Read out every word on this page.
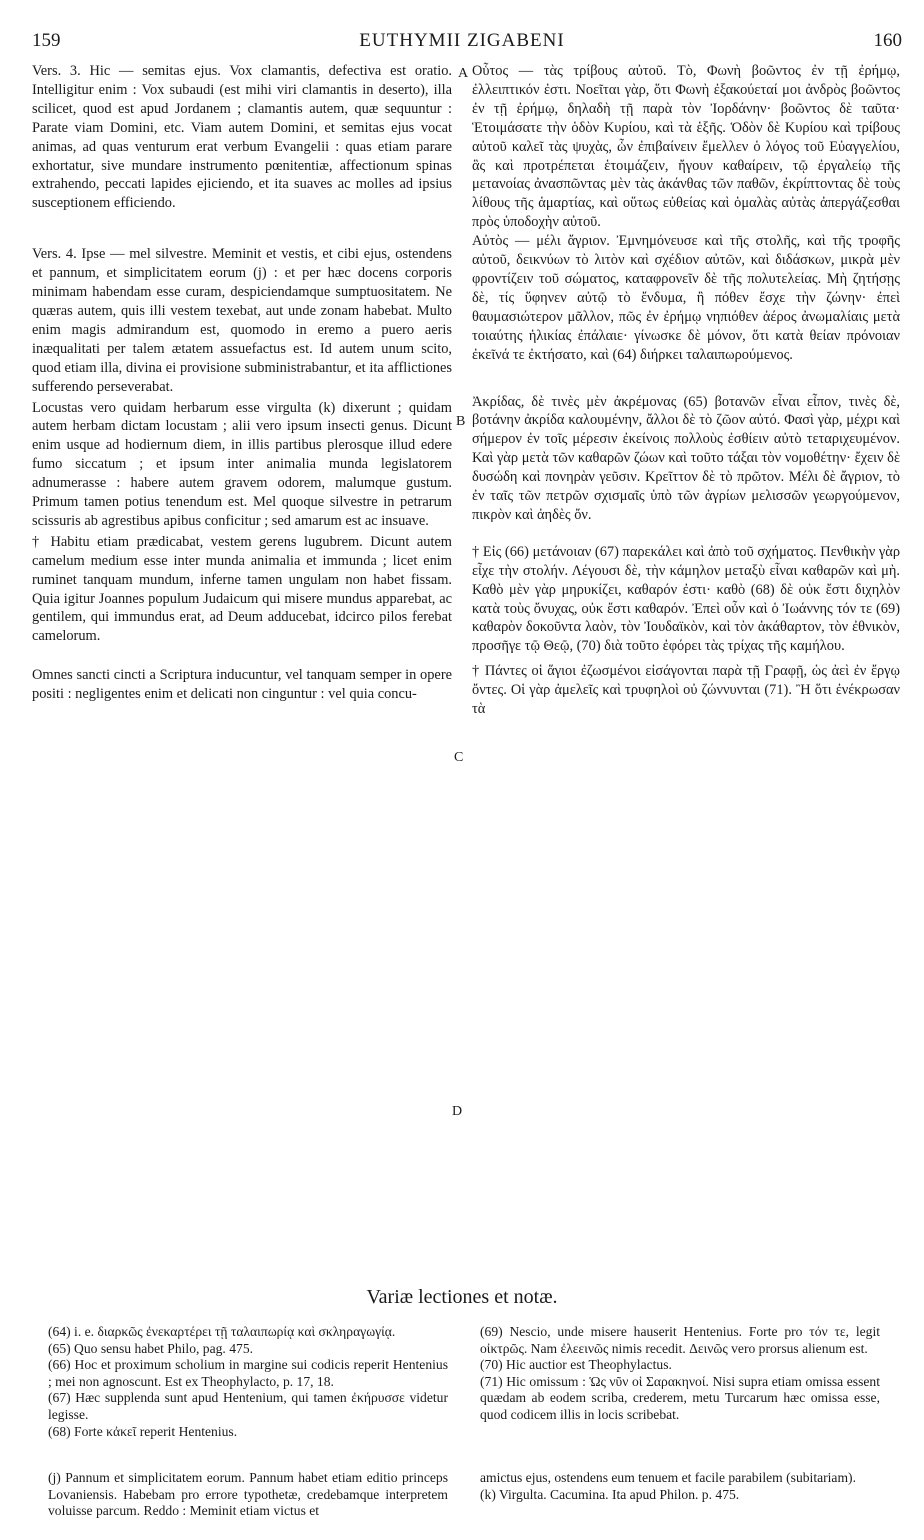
159	EUTHYMII ZIGABENI	160
A
B
C
D

Vers. 3. Hic — semitas ejus. Vox clamantis, defectiva est oratio. Intelligitur enim : Vox subaudi (est mihi viri clamantis in deserto), illa scilicet, quod est apud Jordanem ; clamantis autem, quæ sequuntur : Parate viam Domini, etc. Viam autem Domini, et semitas ejus vocat animas, ad quas venturum erat verbum Evangelii : quas etiam parare exhortatur, sive mundare instrumento pœnitentiæ, affectionum spinas extrahendo, peccati lapides ejiciendo, et ita suaves ac molles ad ipsius susceptionem efficiendo.

Vers. 4. Ipse — mel silvestre. Meminit et vestis, et cibi ejus, ostendens et pannum, et simplicitatem eorum (j) : et per hæc docens corporis minimam habendam esse curam, despiciendamque sumptuositatem. Ne quæras autem, quis illi vestem texebat, aut unde zonam habebat. Multo enim magis admirandum est, quomodo in eremo a puero aeris inæqualitati per talem ætatem assuefactus est. Id autem unum scito, quod etiam illa, divina ei provisione subministrabantur, et ita afflictiones sufferendo perseverabat.

Locustas vero quidam herbarum esse virgulta (k) dixerunt ; quidam autem herbam dictam locustam ; alii vero ipsum insecti genus. Dicunt enim usque ad hodiernum diem, in illis partibus plerosque illud edere fumo siccatum ; et ipsum inter animalia munda legislatorem adnumerasse : habere autem gravem odorem, malumque gustum. Primum tamen potius tenendum est. Mel quoque silvestre in petrarum scissuris ab agrestibus apibus conficitur ; sed amarum est ac insuave.

† Habitu etiam prædicabat, vestem gerens lugubrem. Dicunt autem camelum medium esse inter munda animalia et immunda ; licet enim ruminet tanquam mundum, inferne tamen ungulam non habet fissam. Quia igitur Joannes populum Judaicum qui misere mundus apparebat, ac gentilem, qui immundus erat, ad Deum adducebat, idcirco pilos ferebat camelorum.

Omnes sancti cincti a Scriptura inducuntur, vel tanquam semper in opere positi : negligentes enim et delicati non cinguntur : vel quia concu-

Οὗτος — τὰς τρίβους αὐτοῦ. Τὸ, Φωνὴ βοῶντος ἐν τῇ ἐρήμῳ, ἐλλειπτικόν ἐστι. Νοεῖται γὰρ, ὅτι Φωνὴ ἐξακούεταί μοι ἀνδρὸς βοῶντος ἐν τῇ ἐρήμῳ, δηλαδὴ τῇ παρὰ τὸν Ἰορδάνην· βοῶντος δὲ ταῦτα· Ἑτοιμάσατε τὴν ὁδὸν Κυρίου, καὶ τὰ ἑξῆς. Ὁδὸν δὲ Κυρίου καὶ τρίβους αὐτοῦ καλεῖ τὰς ψυχὰς, ὧν ἐπιβαίνειν ἔμελλεν ὁ λόγος τοῦ Εὐαγγελίου, ἃς καὶ προτρέπεται ἑτοιμάζειν, ἤγουν καθαίρειν, τῷ ἐργαλείῳ τῆς μετανοίας ἀνασπῶντας μὲν τὰς ἀκάνθας τῶν παθῶν, ἐκρίπτοντας δὲ τοὺς λίθους τῆς ἁμαρτίας, καὶ οὕτως εὐθείας καὶ ὁμαλὰς αὐτὰς ἀπεργάζεσθαι πρὸς ὑποδοχὴν αὐτοῦ.

Αὐτὸς — μέλι ἄγριον. Ἐμνημόνευσε καὶ τῆς στολῆς, καὶ τῆς τροφῆς αὐτοῦ, δεικνύων τὸ λιτὸν καὶ σχέδιον αὐτῶν, καὶ διδάσκων, μικρὰ μὲν φροντίζειν τοῦ σώματος, καταφρονεῖν δὲ τῆς πολυτελείας. Μὴ ζητήσῃς δὲ, τίς ὕφηνεν αὐτῷ τὸ ἔνδυμα, ἢ πόθεν ἔσχε τὴν ζώνην· ἐπεὶ θαυμασιώτερον μᾶλλον, πῶς ἐν ἐρήμῳ νηπιόθεν ἀέρος ἀνωμαλίαις μετὰ τοιαύτης ἡλικίας ἐπάλαιε· γίνωσκε δὲ μόνον, ὅτι κατὰ θείαν πρόνοιαν ἐκεῖνά τε ἐκτήσατο, καὶ (64) διήρκει ταλαιπωρούμενος.

Ἀκρίδας, δὲ τινὲς μὲν ἀκρέμονας (65) βοτανῶν εἶναι εἶπον, τινὲς δὲ, βοτάνην ἀκρίδα καλουμένην, ἄλλοι δὲ τὸ ζῶον αὐτό. Φασὶ γὰρ, μέχρι καὶ σήμερον ἐν τοῖς μέρεσιν ἐκείνοις πολλοὺς ἐσθίειν αὐτὸ τεταριχευμένον. Καὶ γὰρ μετὰ τῶν καθαρῶν ζώων καὶ τοῦτο τάξαι τὸν νομοθέτην· ἔχειν δὲ δυσώδη καὶ πονηρὰν γεῦσιν. Κρεῖττον δὲ τὸ πρῶτον. Μέλι δὲ ἄγριον, τὸ ἐν ταῖς τῶν πετρῶν σχισμαῖς ὑπὸ τῶν ἀγρίων μελισσῶν γεωργούμενον, πικρὸν καὶ ἀηδὲς ὄν.

† Εἰς (66) μετάνοιαν (67) παρεκάλει καὶ ἀπὸ τοῦ σχήματος. Πενθικὴν γὰρ εἶχε τὴν στολήν. Λέγουσι δὲ, τὴν κάμηλον μεταξὺ εἶναι καθαρῶν καὶ μὴ. Καθὸ μὲν γὰρ μηρυκίζει, καθαρόν ἐστι· καθὸ (68) δὲ οὐκ ἔστι διχηλὸν κατὰ τοὺς ὄνυχας, οὐκ ἔστι καθαρόν. Ἐπεὶ οὖν καὶ ὁ Ἰωάννης τόν τε (69) καθαρὸν δοκοῦντα λαὸν, τὸν Ἰουδαϊκὸν, καὶ τὸν ἀκάθαρτον, τὸν ἐθνικὸν, προσῆγε τῷ Θεῷ, (70) διὰ τοῦτο ἐφόρει τὰς τρίχας τῆς καμήλου.

† Πάντες οἱ ἅγιοι ἐζωσμένοι εἰσάγονται παρὰ τῇ Γραφῇ, ὡς ἀεὶ ἐν ἔργῳ ὄντες. Οἱ γὰρ ἀμελεῖς καὶ τρυφηλοὶ οὐ ζώννυνται (71). Ἢ ὅτι ἐνέκρωσαν τὰ

Variæ lectiones et notæ.

(64) i. e. διαρκῶς ἐνεκαρτέρει τῇ ταλαιπωρίᾳ καὶ σκληραγωγίᾳ.

(65) Quo sensu habet Philo, pag. 475.

(66) Hoc et proximum scholium in margine sui codicis reperit Hentenius ; mei non agnoscunt. Est ex Theophylacto, p. 17, 18.

(67) Hæc supplenda sunt apud Hentenium, qui tamen ἐκήρυσσε videtur legisse.

(68) Forte κἀκεῖ reperit Hentenius.

(69) Nescio, unde misere hauserit Hentenius. Forte pro τόν τε, legit οἰκτρῶς. Nam ἐλεεινῶς nimis recedit. Δεινῶς vero prorsus alienum est.

(70) Hic auctior est Theophylactus.

(71) Hic omissum : Ὡς νῦν οἱ Σαρακηνοί. Nisi supra etiam omissa essent quædam ab eodem scriba, crederem, metu Turcarum hæc omissa esse, quod codicem illis in locis scribebat.

(j) Pannum et simplicitatem eorum. Pannum habet etiam editio princeps Lovaniensis. Habebam pro errore typothetæ, credebamque interpretem voluisse parcum. Reddo : Meminit etiam victus et

amictus ejus, ostendens eum tenuem et facile parabilem (subitariam).

(k) Virgulta. Cacumina. Ita apud Philon. p. 475.
